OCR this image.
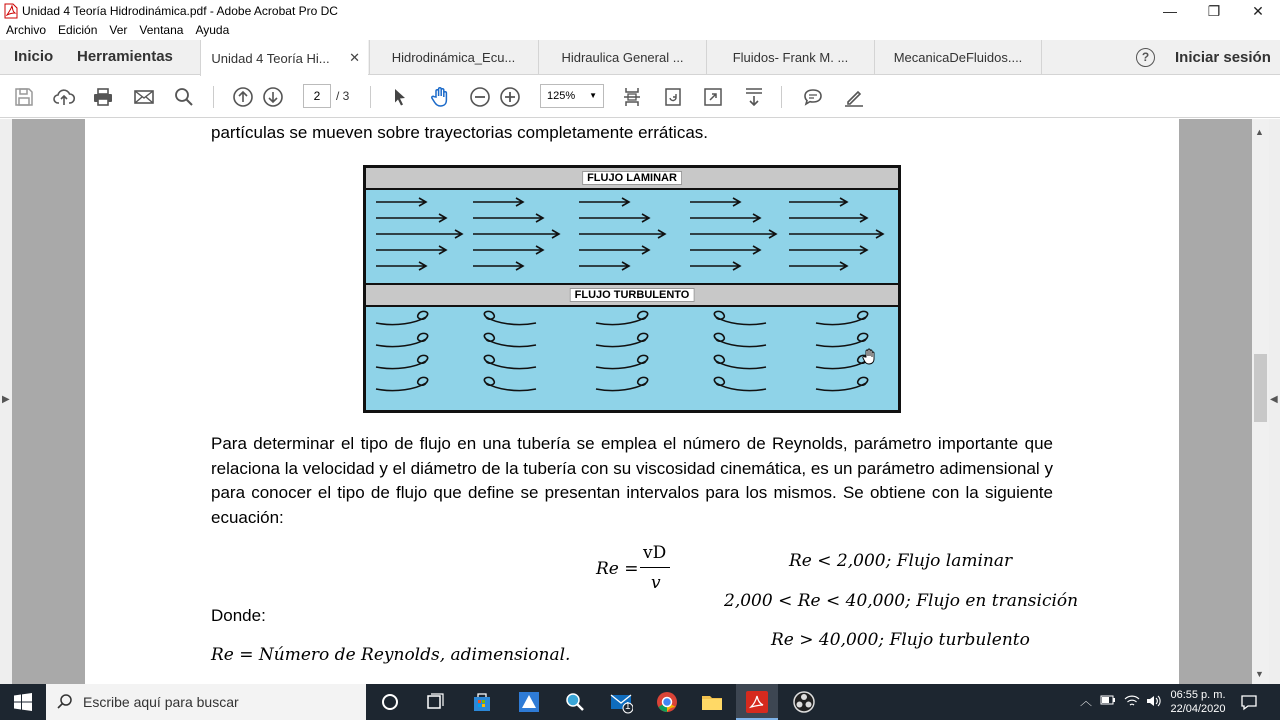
Unidad 4 Teoría Hidrodinámica.pdf - Adobe Acrobat Pro DC	—	❐	✕
Archivo	Edición	Ver	Ventana	Ayuda
Inicio Herramientas	Unidad 4 Teoría Hi... ✕ Hidrodinámica_Ecu...	Hidraulica General ...	Fluidos- Frank M. ...	MecanicaDeFluidos....	?	Iniciar sesión
2	/ 3	125% ▼
▶
partículas se mueven sobre trayectorias completamente erráticas.
FLUJO LAMINAR
FLUJO TURBULENTO
Para determinar el tipo de flujo en una tubería se emplea el número de Reynolds, parámetro importante que relaciona la velocidad y el diámetro de la tubería con su viscosidad cinemática, es un parámetro adimensional y para conocer el tipo de flujo que define se presentan intervalos para los mismos. Se obtiene con la siguiente ecuación:
Re =
vD
v
Re < 2,000; Flujo laminar
2,000 < Re < 40,000; Flujo en transición
Re > 40,000; Flujo turbulento
Donde:
Re = Número de Reynolds, adimensional.
▲
▼
◀
Escribe aquí para buscar	1	︿	06:55 p. m.
22/04/2020
